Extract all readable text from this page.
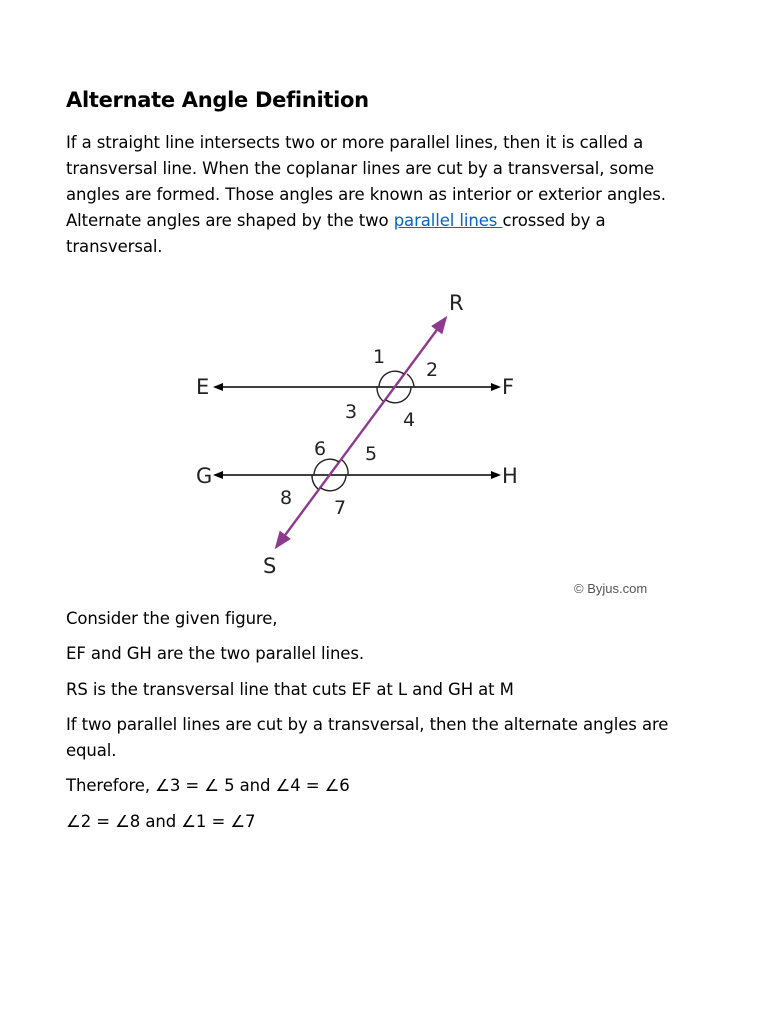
Alternate Angle Definition

If a straight line intersects two or more parallel lines, then it is called a transversal line. When the coplanar lines are cut by a transversal, some angles are formed. Those angles are known as interior or exterior angles. Alternate angles are shaped by the two parallel lines crossed by a transversal.

R
E	F
G	H
S
1
2
3 4
6 5
8 7
© Byjus.com

Consider the given figure,

EF and GH are the two parallel lines.

RS is the transversal line that cuts EF at L and GH at M

If two parallel lines are cut by a transversal, then the alternate angles are equal.

Therefore, ∠3 = ∠ 5 and ∠4 = ∠6

∠2 = ∠8 and ∠1 = ∠7
